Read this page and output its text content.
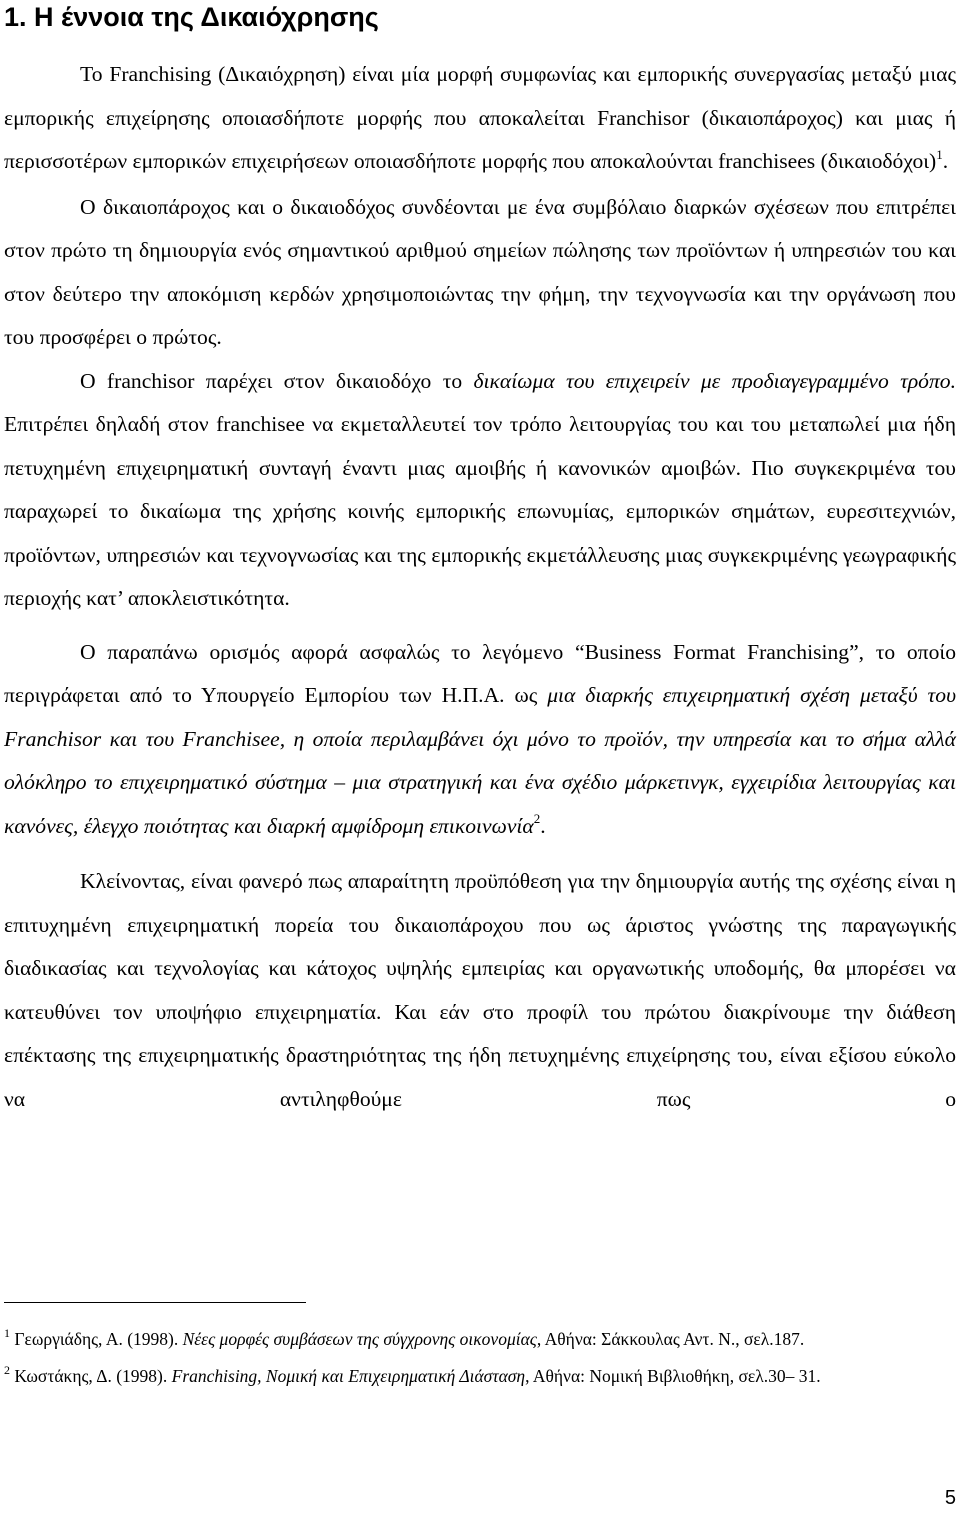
1. Η έννοια της Δικαιόχρησης

Το Franchising (Δικαιόχρηση) είναι μία μορφή συμφωνίας και εμπορικής συνεργασίας μεταξύ μιας εμπορικής επιχείρησης οποιασδήποτε μορφής που αποκαλείται Franchisor (δικαιοπάροχος) και μιας ή περισσοτέρων εμπορικών επιχειρήσεων οποιασδήποτε μορφής που αποκαλούνται franchisees $(\delta\iota\kappa\alpha\iota o\delta ό\chi o\iota)^1$.

Ο δικαιοπάροχος και ο δικαιοδόχος συνδέονται με ένα συμβόλαιο διαρκών σχέσεων που επιτρέπει στον πρώτο τη δημιουργία ενός σημαντικού αριθμού σημείων πώλησης των προϊόντων ή υπηρεσιών του και στον δεύτερο την αποκόμιση κερδών χρησιμοποιώντας την φήμη, την τεχνογνωσία και την οργάνωση που του προσφέρει ο πρώτος.

Ο franchisor παρέχει στον δικαιοδόχο το δικαίωμα του επιχειρείν με προδιαγεγραμμένο τρόπο. Επιτρέπει δηλαδή στον franchisee να εκμεταλλευτεί τον τρόπο λειτουργίας του και του μεταπωλεί μια ήδη πετυχημένη επιχειρηματική συνταγή έναντι μιας αμοιβής ή κανονικών αμοιβών. Πιο συγκεκριμένα του παραχωρεί το δικαίωμα της χρήσης κοινής εμπορικής επωνυμίας, εμπορικών σημάτων, ευρεσιτεχνιών, προϊόντων, υπηρεσιών και τεχνογνωσίας και της εμπορικής εκμετάλλευσης μιας συγκεκριμένης γεωγραφικής περιοχής κατ’ αποκλειστικότητα.

Ο παραπάνω ορισμός αφορά ασφαλώς το λεγόμενο “Business Format Franchising”, το οποίο περιγράφεται από το Υπουργείο Εμπορίου των Η.Π.Α. ως μια διαρκής επιχειρηματική σχέση μεταξύ του Franchisor και του Franchisee, η οποία περιλαμβάνει όχι μόνο το προϊόν, την υπηρεσία και το σήμα αλλά ολόκληρο το επιχειρηματικό σύστημα – μια στρατηγική και ένα σχέδιο μάρκετινγκ, εγχειρίδια λειτουργίας και κανόνες, έλεγχο ποιότητας και διαρκή αμφίδρομη επικοινωνία$^2$.

Κλείνοντας, είναι φανερό πως απαραίτητη προϋπόθεση για την δημιουργία αυτής της σχέσης είναι η επιτυχημένη επιχειρηματική πορεία του δικαιοπάροχου που ως άριστος γνώστης της παραγωγικής διαδικασίας και τεχνολογίας και κάτοχος υψηλής εμπειρίας και οργανωτικής υποδομής, θα μπορέσει να κατευθύνει τον υποψήφιο επιχειρηματία. Και εάν στο προφίλ του πρώτου διακρίνουμε την διάθεση επέκτασης της επιχειρηματικής δραστηριότητας της ήδη πετυχημένης επιχείρησης του, είναι εξίσου εύκολο να αντιληφθούμε πως ο

$^1$ Γεωργιάδης, Α. (1998). Νέες μορφές συμβάσεων της σύγχρονης οικονομίας, Αθήνα: Σάκκουλας Αντ. Ν., σελ.187.

$^2$ Κωστάκης, Δ. (1998). Franchising, Νομική και Επιχειρηματική Διάσταση, Αθήνα: Νομική Βιβλιοθήκη, σελ.30– 31.

5
